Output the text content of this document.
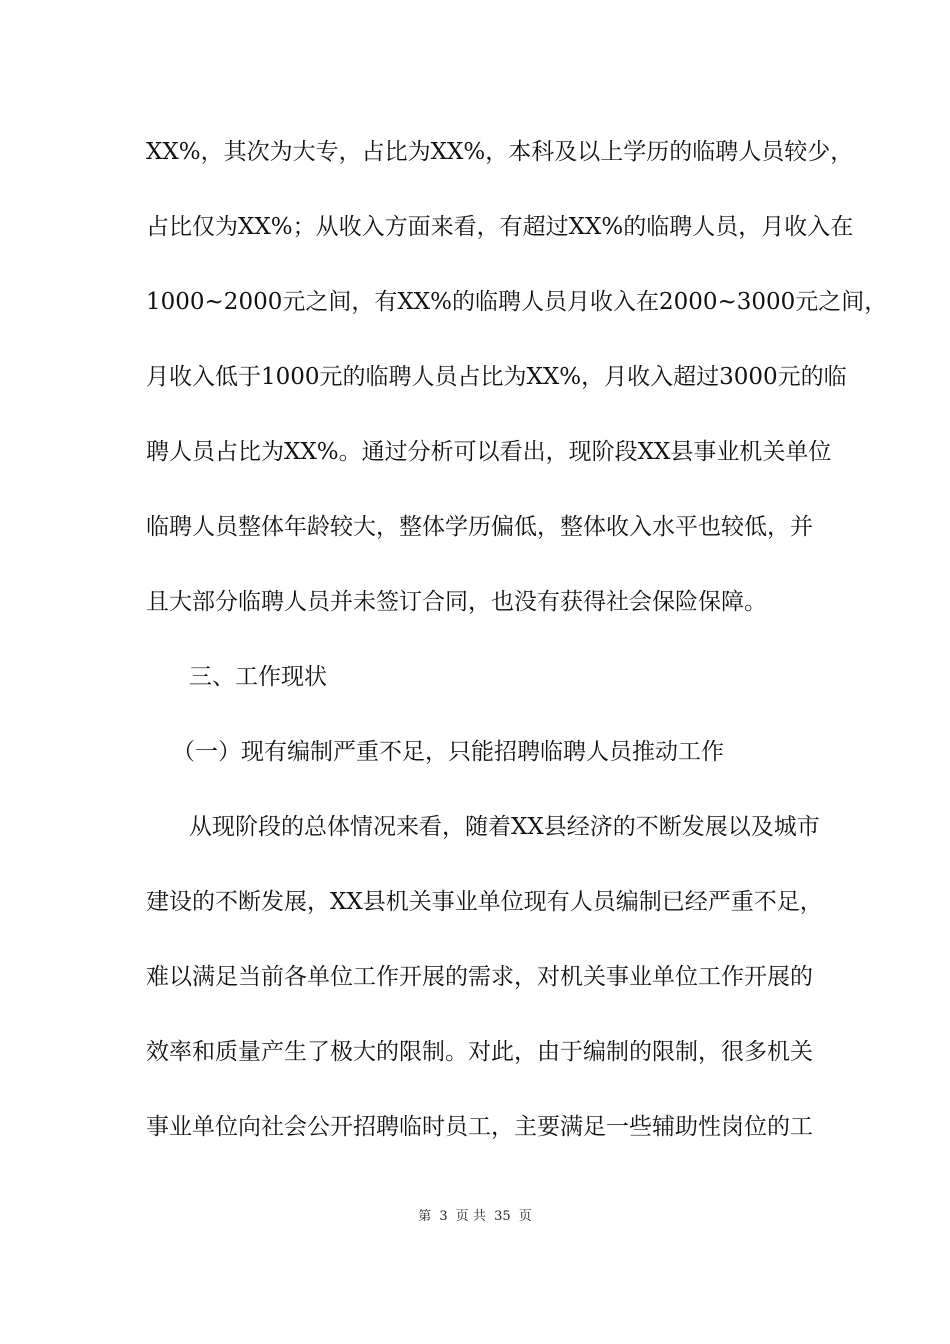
XX%，其次为大专，占比为XX%，本科及以上学历的临聘人员较少，
占比仅为XX%；从收入方面来看，有超过XX%的临聘人员，月收入在
1000~2000元之间，有XX%的临聘人员月收入在2000~3000元之间，
月收入低于1000元的临聘人员占比为XX%，月收入超过3000元的临
聘人员占比为XX%。通过分析可以看出，现阶段XX县事业机关单位
临聘人员整体年龄较大，整体学历偏低，整体收入水平也较低，并
且大部分临聘人员并未签订合同，也没有获得社会保险保障。
三、工作现状
（一）现有编制严重不足，只能招聘临聘人员推动工作
从现阶段的总体情况来看，随着XX县经济的不断发展以及城市
建设的不断发展，XX县机关事业单位现有人员编制已经严重不足，
难以满足当前各单位工作开展的需求，对机关事业单位工作开展的
效率和质量产生了极大的限制。对此，由于编制的限制，很多机关
事业单位向社会公开招聘临时员工，主要满足一些辅助性岗位的工
第 3 页 共 35 页
